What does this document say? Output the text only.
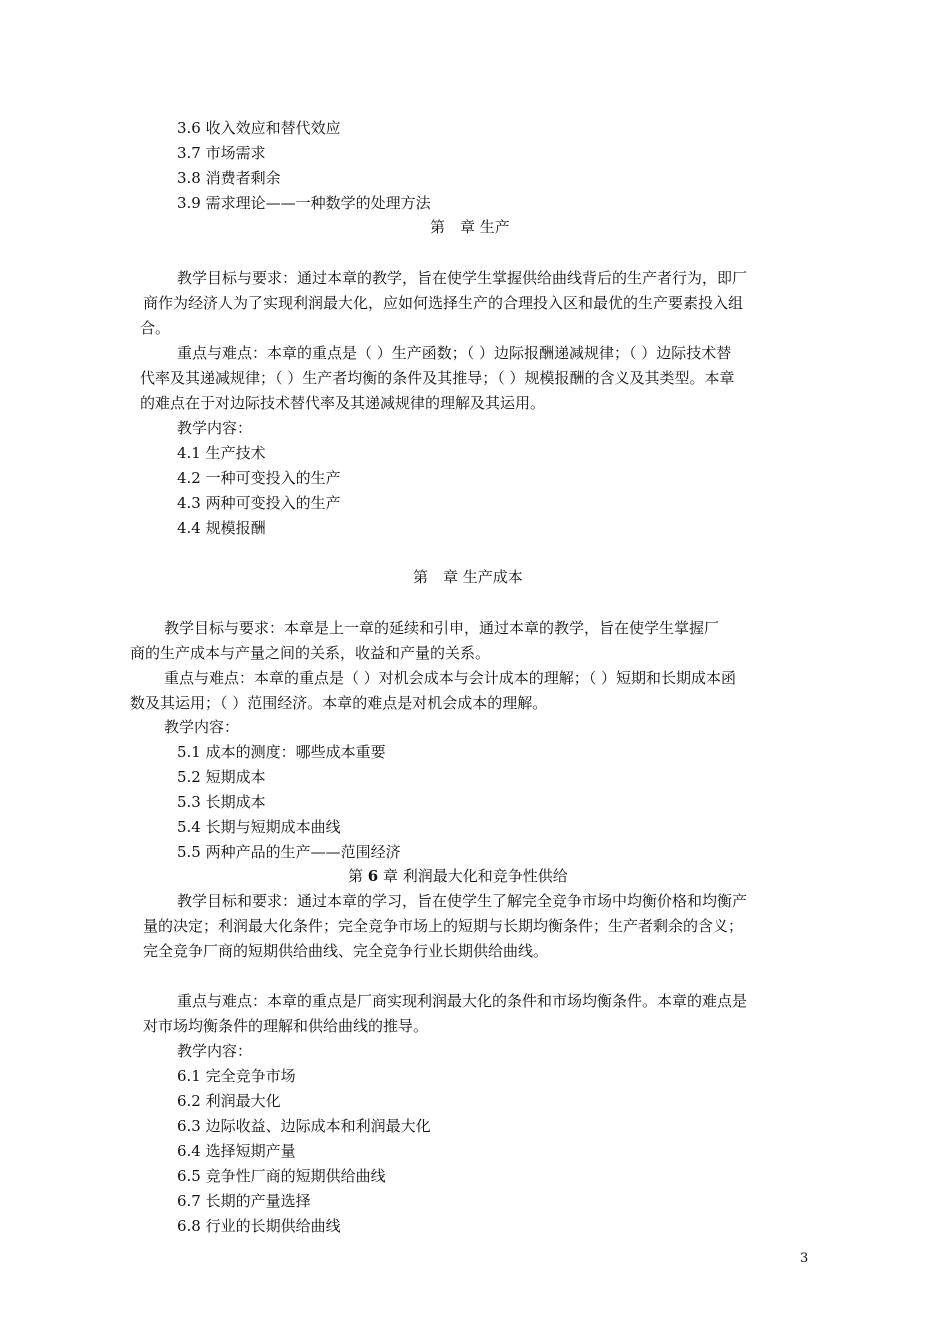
3.6 收入效应和替代效应
3.7 市场需求
3.8 消费者剩余
3.9 需求理论——一种数学的处理方法
第　章 生产
教学目标与要求：通过本章的教学，旨在使学生掌握供给曲线背后的生产者行为，即厂
商作为经济人为了实现利润最大化，应如何选择生产的合理投入区和最优的生产要素投入组
合。
重点与难点：本章的重点是（ ）生产函数；（ ）边际报酬递减规律；（ ）边际技术替
代率及其递减规律；（ ）生产者均衡的条件及其推导；（ ）规模报酬的含义及其类型。本章
的难点在于对边际技术替代率及其递减规律的理解及其运用。
教学内容：
4.1 生产技术
4.2 一种可变投入的生产
4.3 两种可变投入的生产
4.4 规模报酬
第　章 生产成本
教学目标与要求：本章是上一章的延续和引申，通过本章的教学，旨在使学生掌握厂
商的生产成本与产量之间的关系，收益和产量的关系。
重点与难点：本章的重点是（ ）对机会成本与会计成本的理解；（ ）短期和长期成本函
数及其运用；（ ）范围经济。本章的难点是对机会成本的理解。
教学内容：
5.1 成本的测度：哪些成本重要
5.2 短期成本
5.3 长期成本
5.4 长期与短期成本曲线
5.5 两种产品的生产——范围经济
第 6 章 利润最大化和竞争性供给
教学目标和要求：通过本章的学习，旨在使学生了解完全竞争市场中均衡价格和均衡产
量的决定；利润最大化条件；完全竞争市场上的短期与长期均衡条件；生产者剩余的含义；
完全竞争厂商的短期供给曲线、完全竞争行业长期供给曲线。
重点与难点：本章的重点是厂商实现利润最大化的条件和市场均衡条件。本章的难点是
对市场均衡条件的理解和供给曲线的推导。
教学内容：
6.1 完全竞争市场
6.2 利润最大化
6.3 边际收益、边际成本和利润最大化
6.4 选择短期产量
6.5 竞争性厂商的短期供给曲线
6.7 长期的产量选择
6.8 行业的长期供给曲线
3
